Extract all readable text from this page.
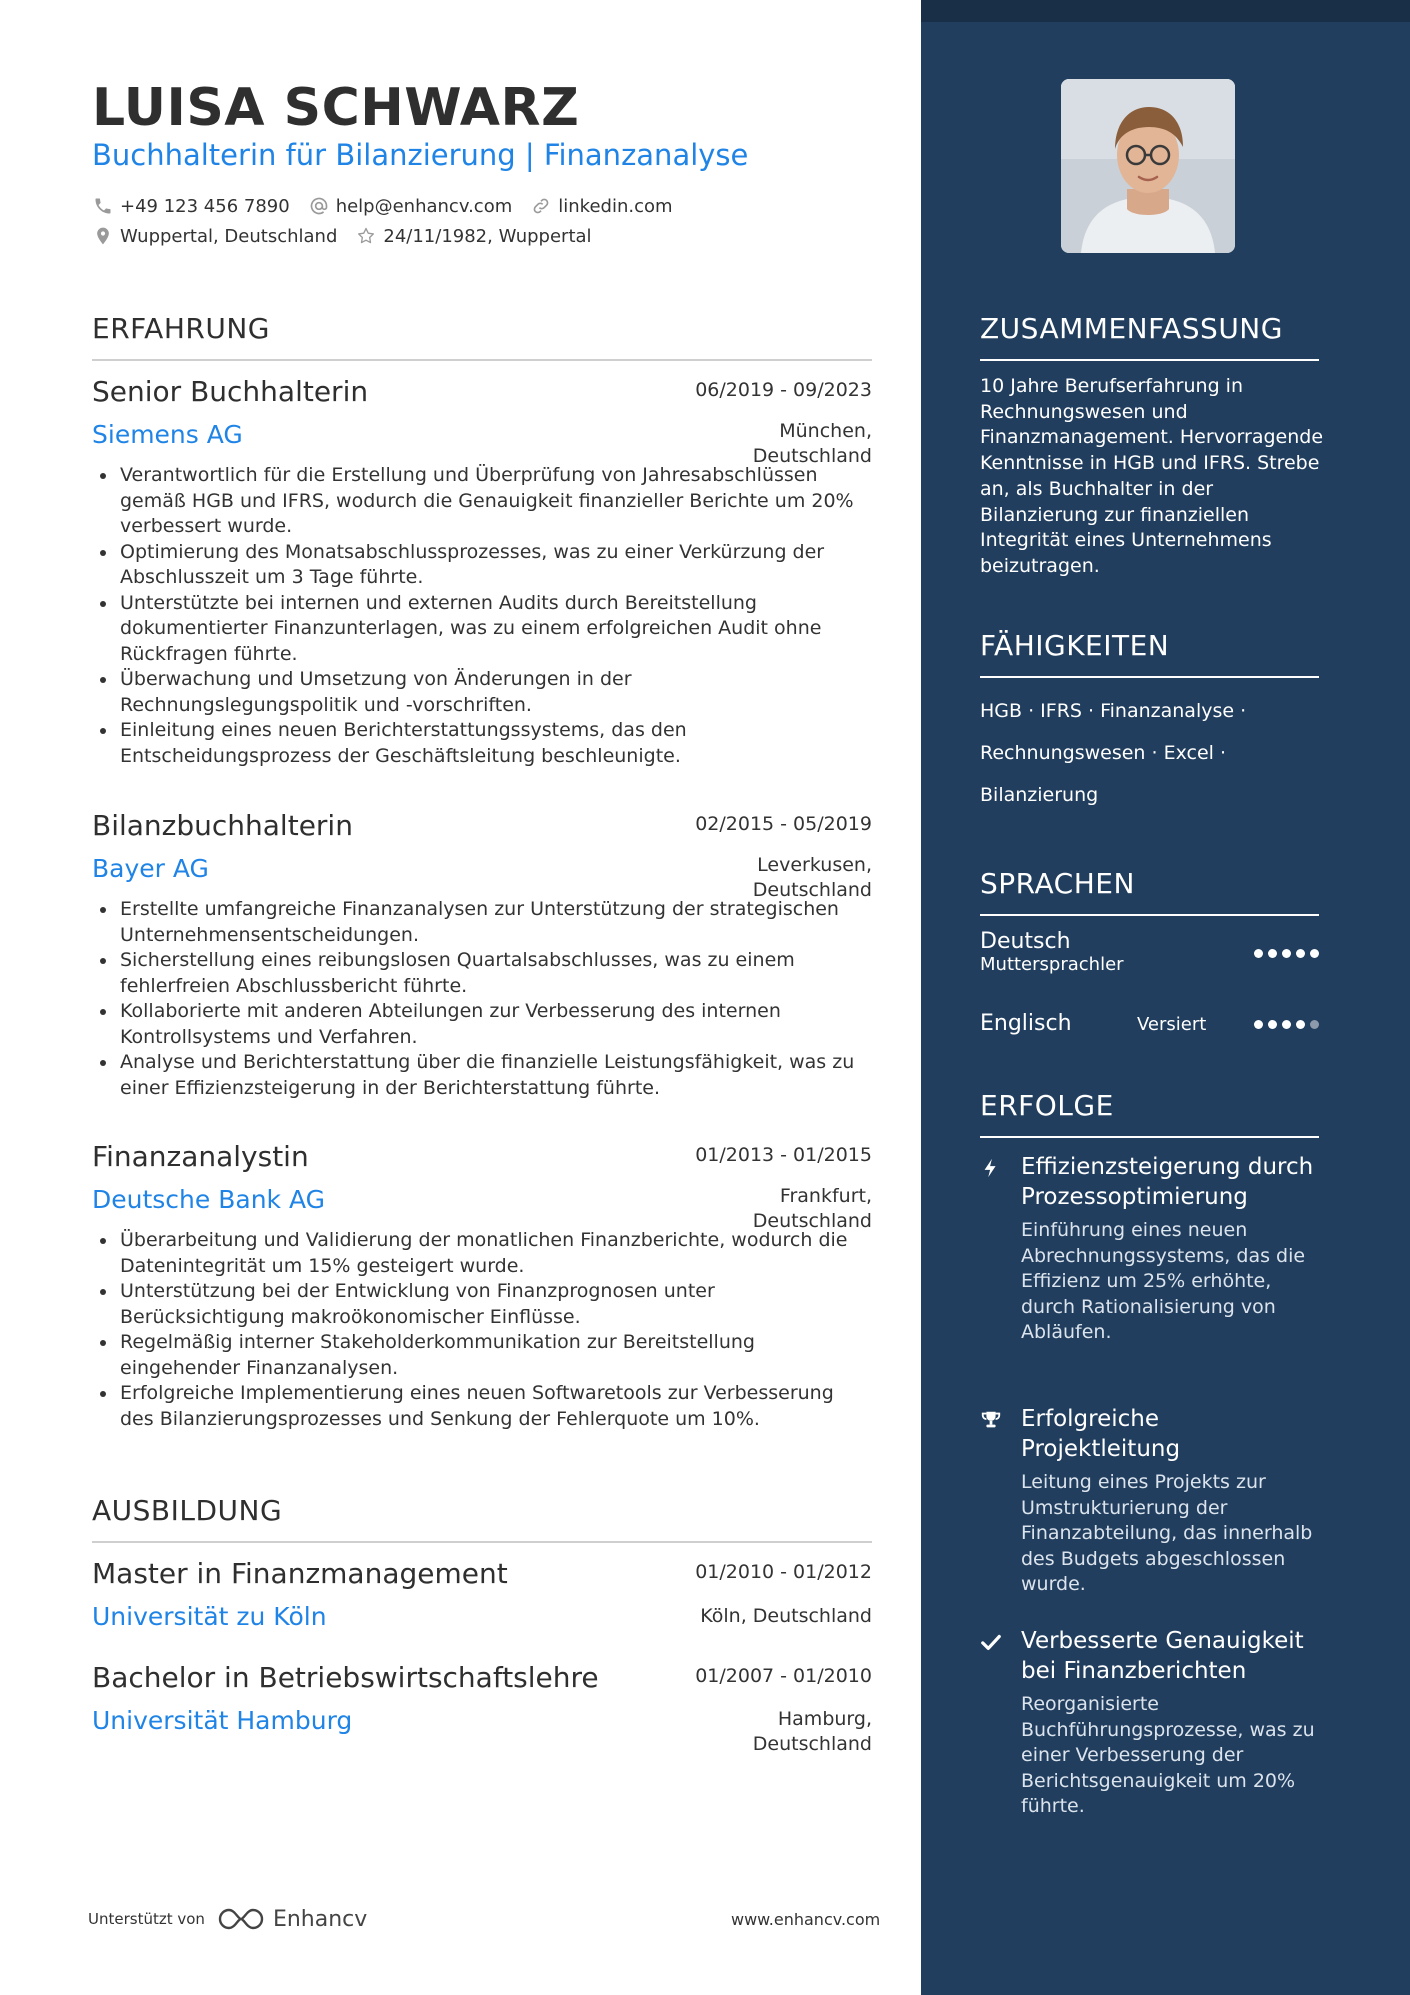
LUISA SCHWARZ
Buchhalterin für Bilanzierung | Finanzanalyse
+49 123 456 7890	help@enhancv.com	linkedin.com
Wuppertal, Deutschland	24/11/1982, Wuppertal
ERFAHRUNG
Senior Buchhalterin	06/2019 - 09/2023
Siemens AG	München,
Deutschland
Verantwortlich für die Erstellung und Überprüfung von Jahresabschlüssen gemäß HGB und IFRS, wodurch die Genauigkeit finanzieller Berichte um 20% verbessert wurde.
Optimierung des Monatsabschlussprozesses, was zu einer Verkürzung der Abschlusszeit um 3 Tage führte.
Unterstützte bei internen und externen Audits durch Bereitstellung dokumentierter Finanzunterlagen, was zu einem erfolgreichen Audit ohne Rückfragen führte.
Überwachung und Umsetzung von Änderungen in der Rechnungslegungspolitik und -vorschriften.
Einleitung eines neuen Berichterstattungssystems, das den Entscheidungsprozess der Geschäftsleitung beschleunigte.
Bilanzbuchhalterin	02/2015 - 05/2019
Bayer AG	Leverkusen,
Deutschland
Erstellte umfangreiche Finanzanalysen zur Unterstützung der strategischen Unternehmensentscheidungen.
Sicherstellung eines reibungslosen Quartalsabschlusses, was zu einem fehlerfreien Abschlussbericht führte.
Kollaborierte mit anderen Abteilungen zur Verbesserung des internen Kontrollsystems und Verfahren.
Analyse und Berichterstattung über die finanzielle Leistungsfähigkeit, was zu einer Effizienzsteigerung in der Berichterstattung führte.
Finanzanalystin	01/2013 - 01/2015
Deutsche Bank AG	Frankfurt,
Deutschland
Überarbeitung und Validierung der monatlichen Finanzberichte, wodurch die Datenintegrität um 15% gesteigert wurde.
Unterstützung bei der Entwicklung von Finanzprognosen unter Berücksichtigung makroökonomischer Einflüsse.
Regelmäßig interner Stakeholderkommunikation zur Bereitstellung eingehender Finanzanalysen.
Erfolgreiche Implementierung eines neuen Softwaretools zur Verbesserung des Bilanzierungsprozesses und Senkung der Fehlerquote um 10%.
AUSBILDUNG
Master in Finanzmanagement	01/2010 - 01/2012
Universität zu Köln	Köln, Deutschland
Bachelor in Betriebswirtschaftslehre	01/2007 - 01/2010
Universität Hamburg	Hamburg,
Deutschland
Unterstützt von	Enhancv	www.enhancv.com
ZUSAMMENFASSUNG
10 Jahre Berufserfahrung in Rechnungswesen und Finanzmanagement. Hervorragende Kenntnisse in HGB und IFRS. Strebe an, als Buchhalter in der Bilanzierung zur finanziellen Integrität eines Unternehmens beizutragen.
FÄHIGKEITEN
HGB · IFRS · Finanzanalyse ·
Rechnungswesen · Excel ·
Bilanzierung
SPRACHEN
Deutsch
Muttersprachler
Englisch	Versiert
ERFOLGE
Effizienzsteigerung durch Prozessoptimierung
Einführung eines neuen Abrechnungssystems, das die Effizienz um 25% erhöhte, durch Rationalisierung von Abläufen.
Erfolgreiche Projektleitung
Leitung eines Projekts zur Umstrukturierung der Finanzabteilung, das innerhalb des Budgets abgeschlossen wurde.
Verbesserte Genauigkeit bei Finanzberichten
Reorganisierte Buchführungsprozesse, was zu einer Verbesserung der Berichtsgenauigkeit um 20% führte.
